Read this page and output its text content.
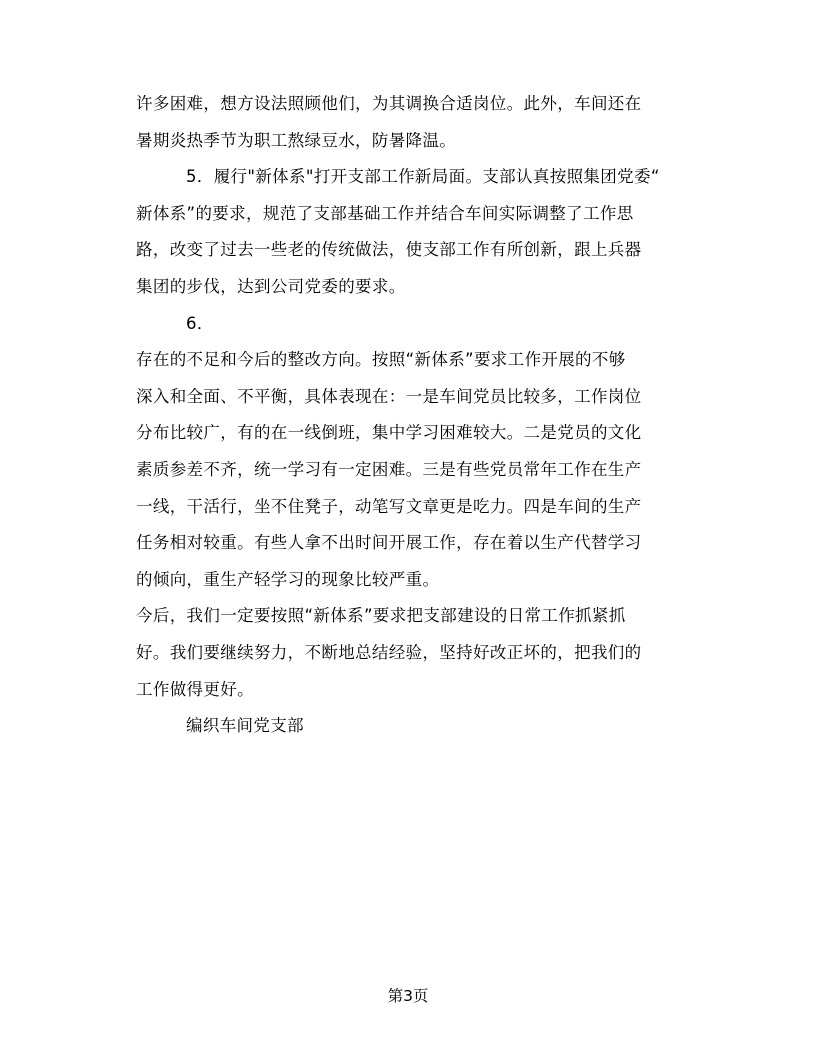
许多困难，想方设法照顾他们，为其调换合适岗位。此外，车间还在
暑期炎热季节为职工熬绿豆水，防暑降温。
5．履行"新体系"打开支部工作新局面。支部认真按照集团党委“
新体系”的要求，规范了支部基础工作并结合车间实际调整了工作思
路，改变了过去一些老的传统做法，使支部工作有所创新，跟上兵器
集团的步伐，达到公司党委的要求。
6．
存在的不足和今后的整改方向。按照“新体系”要求工作开展的不够
深入和全面、不平衡，具体表现在：一是车间党员比较多，工作岗位
分布比较广，有的在一线倒班，集中学习困难较大。二是党员的文化
素质参差不齐，统一学习有一定困难。三是有些党员常年工作在生产
一线，干活行，坐不住凳子，动笔写文章更是吃力。四是车间的生产
任务相对较重。有些人拿不出时间开展工作，存在着以生产代替学习
的倾向，重生产轻学习的现象比较严重。
今后，我们一定要按照“新体系”要求把支部建设的日常工作抓紧抓
好。我们要继续努力，不断地总结经验，坚持好改正坏的，把我们的
工作做得更好。
编织车间党支部
第3页
